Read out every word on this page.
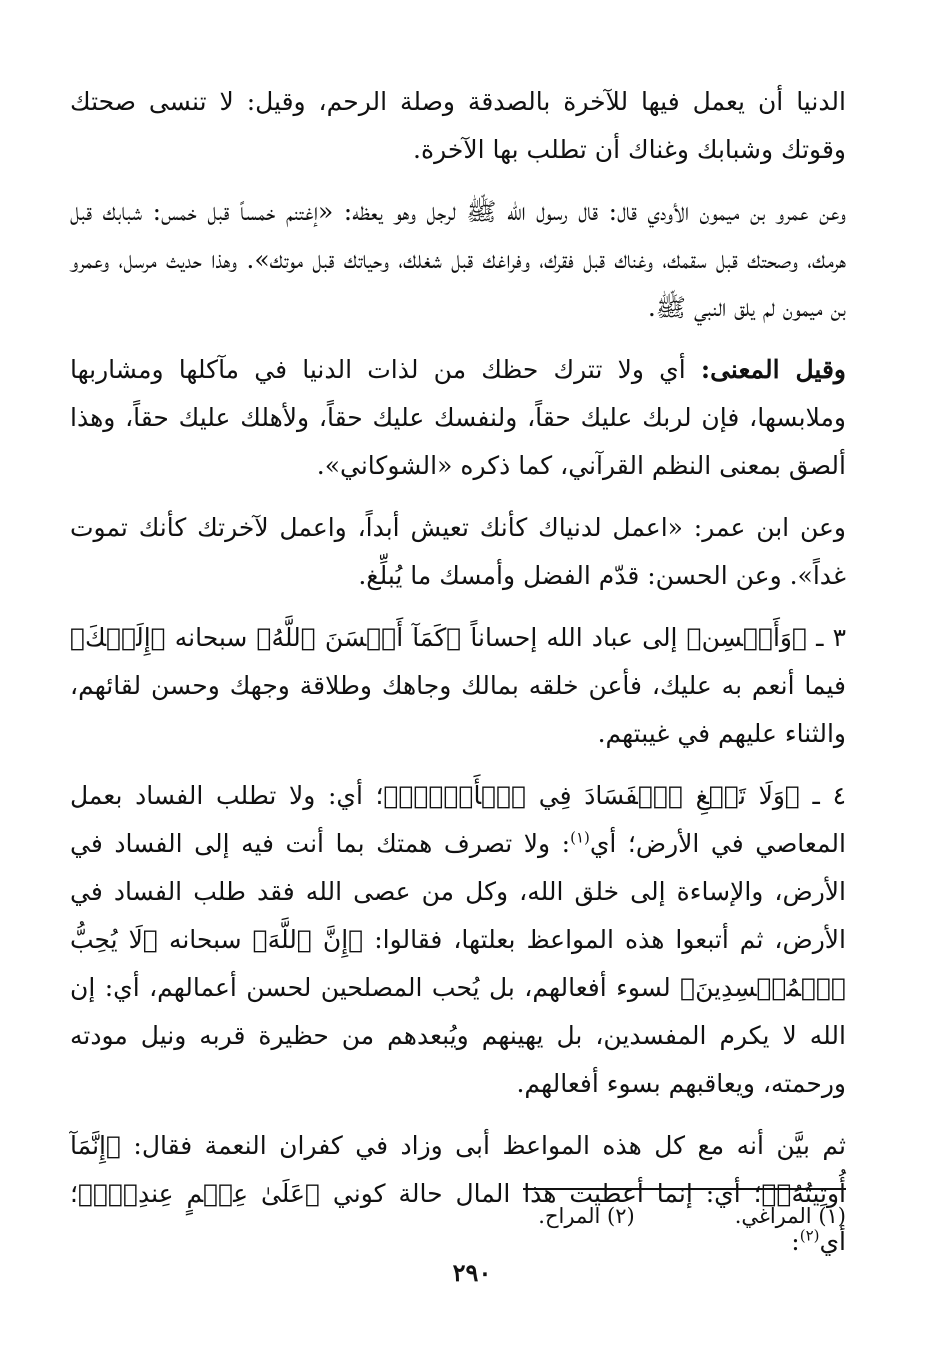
الدنيا أن يعمل فيها للآخرة بالصدقة وصلة الرحم، وقيل: لا تنسى صحتك وقوتك وشبابك وغناك أن تطلب بها الآخرة.

وعن عمرو بن ميمون الأودي قال: قال رسول الله ﷺ لرجل وهو يعظه: «إغتنم خمساً قبل خمس: شبابك قبل هرمك، وصحتك قبل سقمك، وغناك قبل فقرك، وفراغك قبل شغلك، وحياتك قبل موتك». وهذا حديث مرسل، وعمرو بن ميمون لم يلق النبي ﷺ.

وقيل المعنى: أي ولا تترك حظك من لذات الدنيا في مآكلها ومشاربها وملابسها، فإن لربك عليك حقاً، ولنفسك عليك حقاً، ولأهلك عليك حقاً، وهذا ألصق بمعنى النظم القرآني، كما ذكره «الشوكاني».

وعن ابن عمر: «اعمل لدنياك كأنك تعيش أبداً، واعمل لآخرتك كأنك تموت غداً». وعن الحسن: قدّم الفضل وأمسك ما يُبلِّغ.

٣ ـ ﴿وَأَحۡسِن﴾ إلى عباد الله إحساناً ﴿كَمَآ أَحۡسَنَ ٱللَّهُ﴾ سبحانه ﴿إِلَيۡكَ﴾ فيما أنعم به عليك، فأعن خلقه بمالك وجاهك وطلاقة وجهك وحسن لقائهم، والثناء عليهم في غيبتهم.

٤ ـ ﴿وَلَا تَبۡغِ ٱلۡفَسَادَ فِي ٱلۡأَرۡضِۖ﴾؛ أي: ولا تطلب الفساد بعمل المعاصي في الأرض؛ أي$^{(١)}$: ولا تصرف همتك بما أنت فيه إلى الفساد في الأرض، والإساءة إلى خلق الله، وكل من عصى الله فقد طلب الفساد في الأرض، ثم أتبعوا هذه المواعظ بعلتها، فقالوا: ﴿إِنَّ ٱللَّهَ﴾ سبحانه ﴿لَا يُحِبُّ ٱلۡمُفۡسِدِينَ﴾ لسوء أفعالهم، بل يُحب المصلحين لحسن أعمالهم، أي: إن الله لا يكرم المفسدين، بل يهينهم ويُبعدهم من حظيرة قربه ونيل مودته ورحمته، ويعاقبهم بسوء أفعالهم.

ثم بيَّن أنه مع كل هذه المواعظ أبى وزاد في كفران النعمة فقال: ﴿إِنَّمَآ أُوتِيتُهُۥ﴾؛ أي: إنما أعطيت هذا المال حالة كوني ﴿عَلَىٰ عِلۡمٍ عِندِيٓۚ﴾؛ أي$^{(٢)}$:

(١) المراغي.
(٢) المراح.
٢٩٠
